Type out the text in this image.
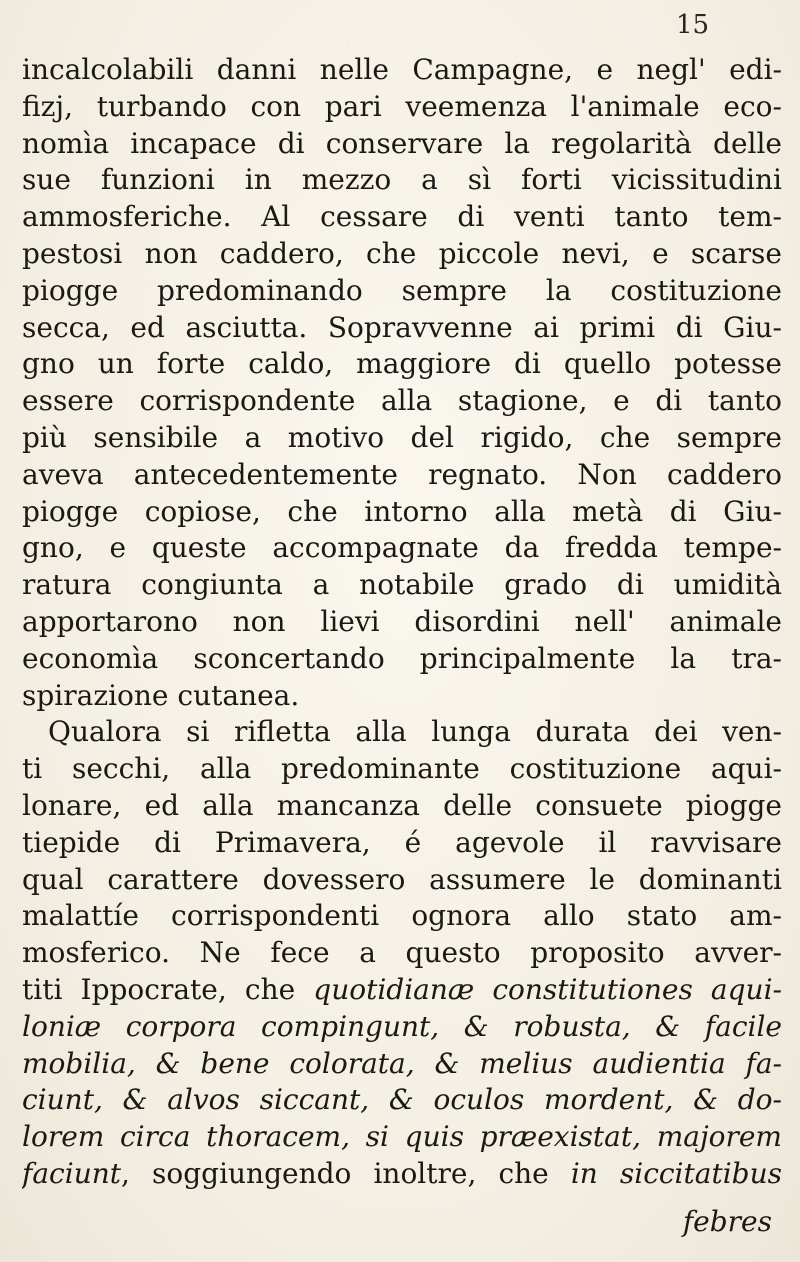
15
incalcolabili danni nelle Campagne, e negl' edi-
fizj, turbando con pari veemenza l'animale eco-
nomìa incapace di conservare la regolarità delle
sue funzioni in mezzo a sì forti vicissitudini
ammosferiche. Al cessare di venti tanto tem-
pestosi non caddero, che piccole nevi, e scarse
piogge predominando sempre la costituzione
secca, ed asciutta. Sopravvenne ai primi di Giu-
gno un forte caldo, maggiore di quello potesse
essere corrispondente alla stagione, e di tanto
più sensibile a motivo del rigido, che sempre
aveva antecedentemente regnato. Non caddero
piogge copiose, che intorno alla metà di Giu-
gno, e queste accompagnate da fredda tempe-
ratura congiunta a notabile grado di umidità
apportarono non lievi disordini nell' animale
economìa sconcertando principalmente la tra-
spirazione cutanea.
Qualora si rifletta alla lunga durata dei ven-
ti secchi, alla predominante costituzione aqui-
lonare, ed alla mancanza delle consuete piogge
tiepide di Primavera, é agevole il ravvisare
qual carattere dovessero assumere le dominanti
malattíe corrispondenti ognora allo stato am-
mosferico. Ne fece a questo proposito avver-
titi Ippocrate, che quotidianæ constitutiones aqui-
loniæ corpora compingunt, & robusta, & facile
mobilia, & bene colorata, & melius audientia fa-
ciunt, & alvos siccant, & oculos mordent, & do-
lorem circa thoracem, si quis præexistat, majorem
faciunt, soggiungendo inoltre, che in siccitatibus
febres
